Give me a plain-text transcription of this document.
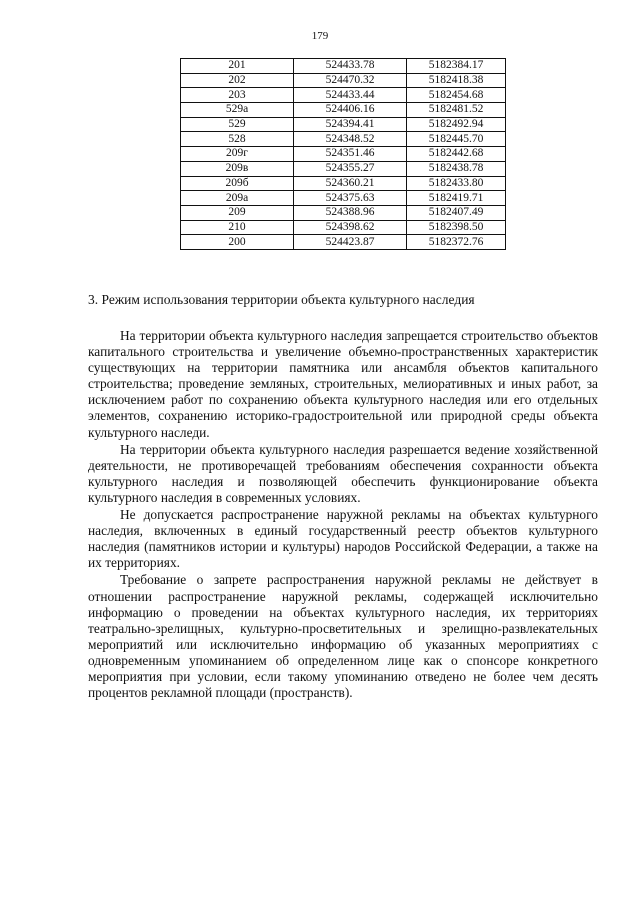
179
201	524433.78	5182384.17
202	524470.32	5182418.38
203	524433.44	5182454.68
529а	524406.16	5182481.52
529	524394.41	5182492.94
528	524348.52	5182445.70
209г	524351.46	5182442.68
209в	524355.27	5182438.78
209б	524360.21	5182433.80
209а	524375.63	5182419.71
209	524388.96	5182407.49
210	524398.62	5182398.50
200	524423.87	5182372.76
3. Режим использования территории объекта культурного наследия

На территории объекта культурного наследия запрещается строительство объектов капитального строительства и увеличение объемно-пространственных характеристик существующих на территории памятника или ансамбля объектов капитального строительства; проведение земляных, строительных, мелиоративных и иных работ, за исключением работ по сохранению объекта культурного наследия или его отдельных элементов, сохранению историко-градостроительной или природной среды объекта культурного наследи.

На территории объекта культурного наследия разрешается ведение хозяйственной деятельности, не противоречащей требованиям обеспечения сохранности объекта культурного наследия и позволяющей обеспечить функционирование объекта культурного наследия в современных условиях.

Не допускается распространение наружной рекламы на объектах культурного наследия, включенных в единый государственный реестр объектов культурного наследия (памятников истории и культуры) народов Российской Федерации, а также на их территориях.

Требование о запрете распространения наружной рекламы не действует в отношении распространение наружной рекламы, содержащей исключительно информацию о проведении на объектах культурного наследия, их территориях театрально-зрелищных, культурно-просветительных и зрелищно-развлекательных мероприятий или исключительно информацию об указанных мероприятиях с одновременным упоминанием об определенном лице как о спонсоре конкретного мероприятия при условии, если такому упоминанию отведено не более чем десять процентов рекламной площади (пространств).
